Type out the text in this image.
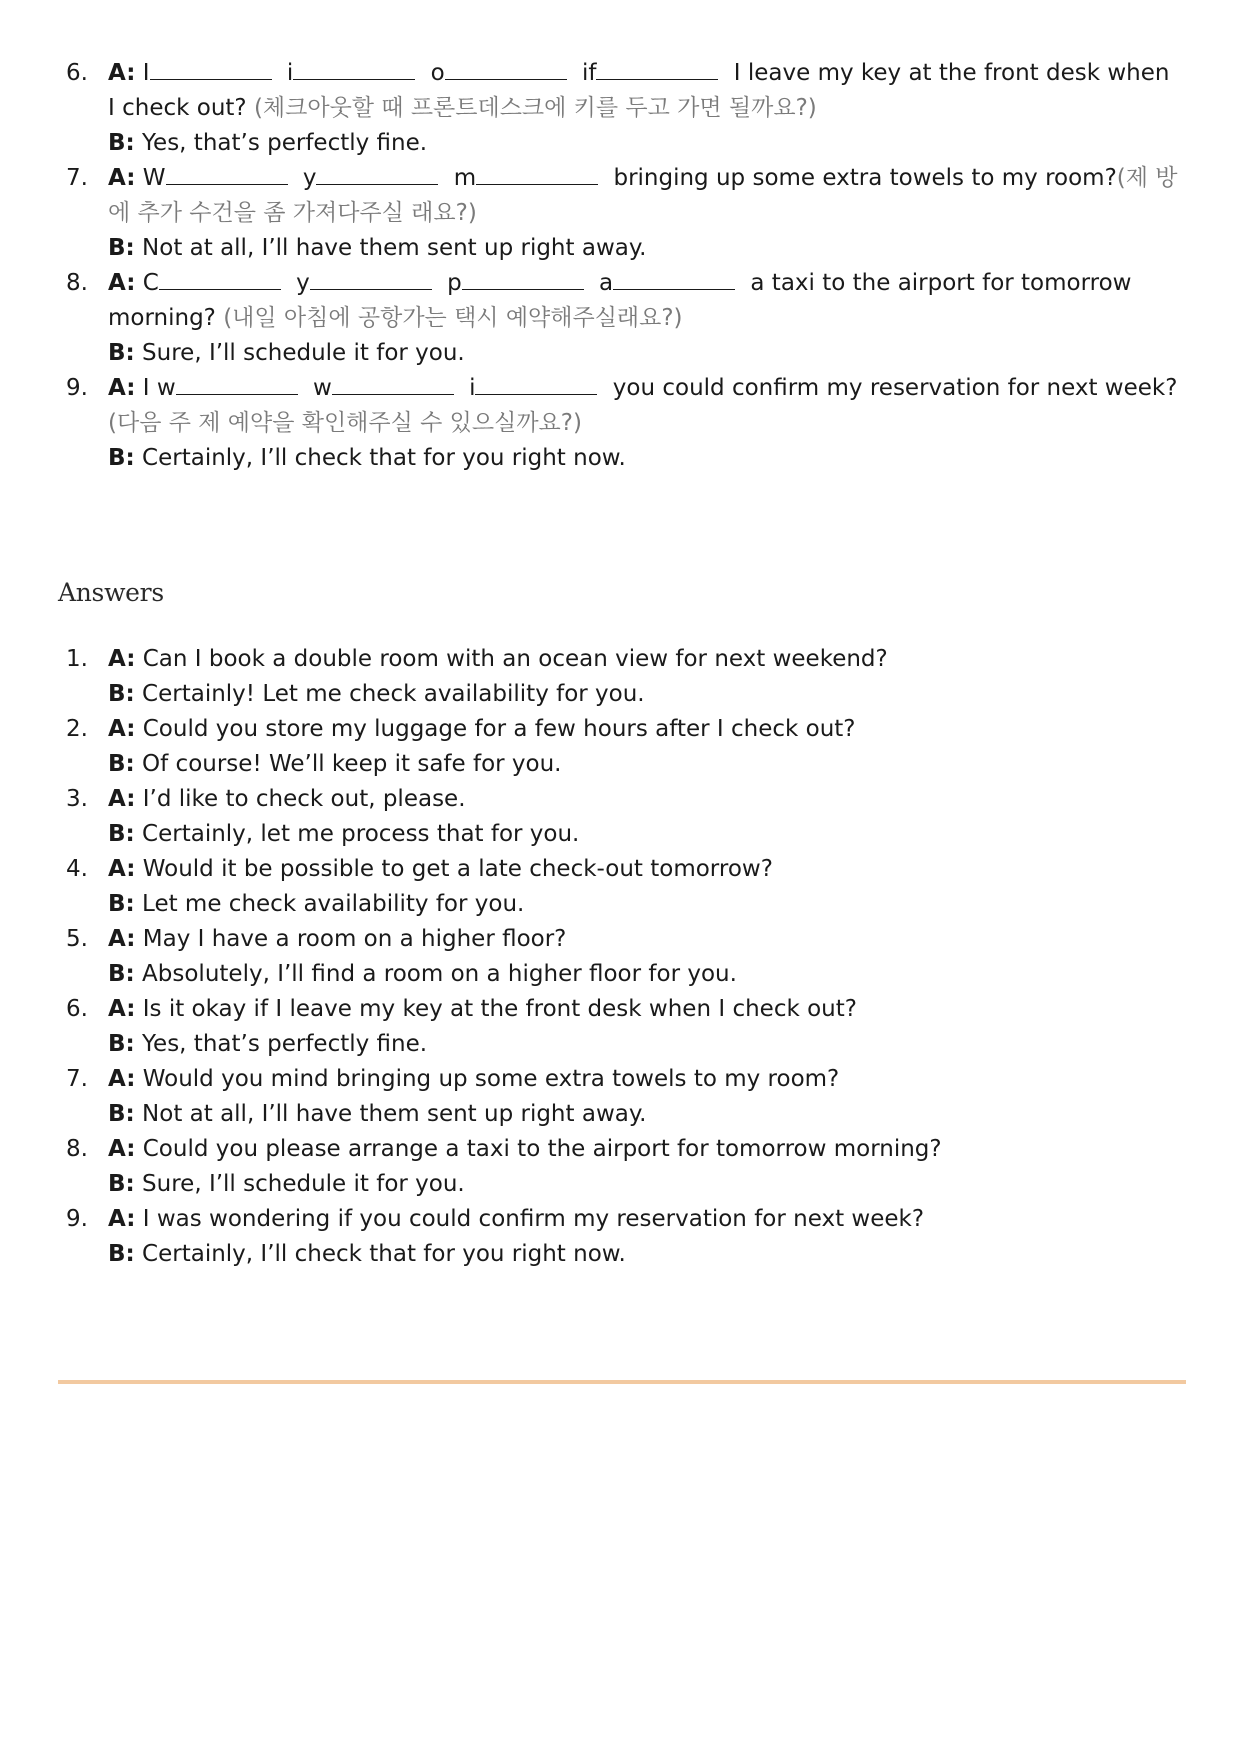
6. A: I	i	o	if	I leave my key at the front desk when I check out? (체크아웃할 때 프론트데스크에 키를 두고 가면 될까요?)
B: Yes, that’s perfectly fine.
7. A: W	y	m	bringing up some extra towels to my room?(제 방에 추가 수건을 좀 가져다주실 래요?)
B: Not at all, I’ll have them sent up right away.
8. A: C	y	p	a	a taxi to the airport for tomorrow morning? (내일 아침에 공항가는 택시 예약해주실래요?)
B: Sure, I’ll schedule it for you.
9. A: I w	w	i	you could confirm my reservation for next week?
(다음 주 제 예약을 확인해주실 수 있으실까요?)
B: Certainly, I’ll check that for you right now.
Answers
1. A: Can I book a double room with an ocean view for next weekend?
B: Certainly! Let me check availability for you.
2. A: Could you store my luggage for a few hours after I check out?
B: Of course! We’ll keep it safe for you.
3. A: I’d like to check out, please.
B: Certainly, let me process that for you.
4. A: Would it be possible to get a late check-out tomorrow?
B: Let me check availability for you.
5. A: May I have a room on a higher floor?
B: Absolutely, I’ll find a room on a higher floor for you.
6. A: Is it okay if I leave my key at the front desk when I check out?
B: Yes, that’s perfectly fine.
7. A: Would you mind bringing up some extra towels to my room?
B: Not at all, I’ll have them sent up right away.
8. A: Could you please arrange a taxi to the airport for tomorrow morning?
B: Sure, I’ll schedule it for you.
9. A: I was wondering if you could confirm my reservation for next week?
B: Certainly, I’ll check that for you right now.
